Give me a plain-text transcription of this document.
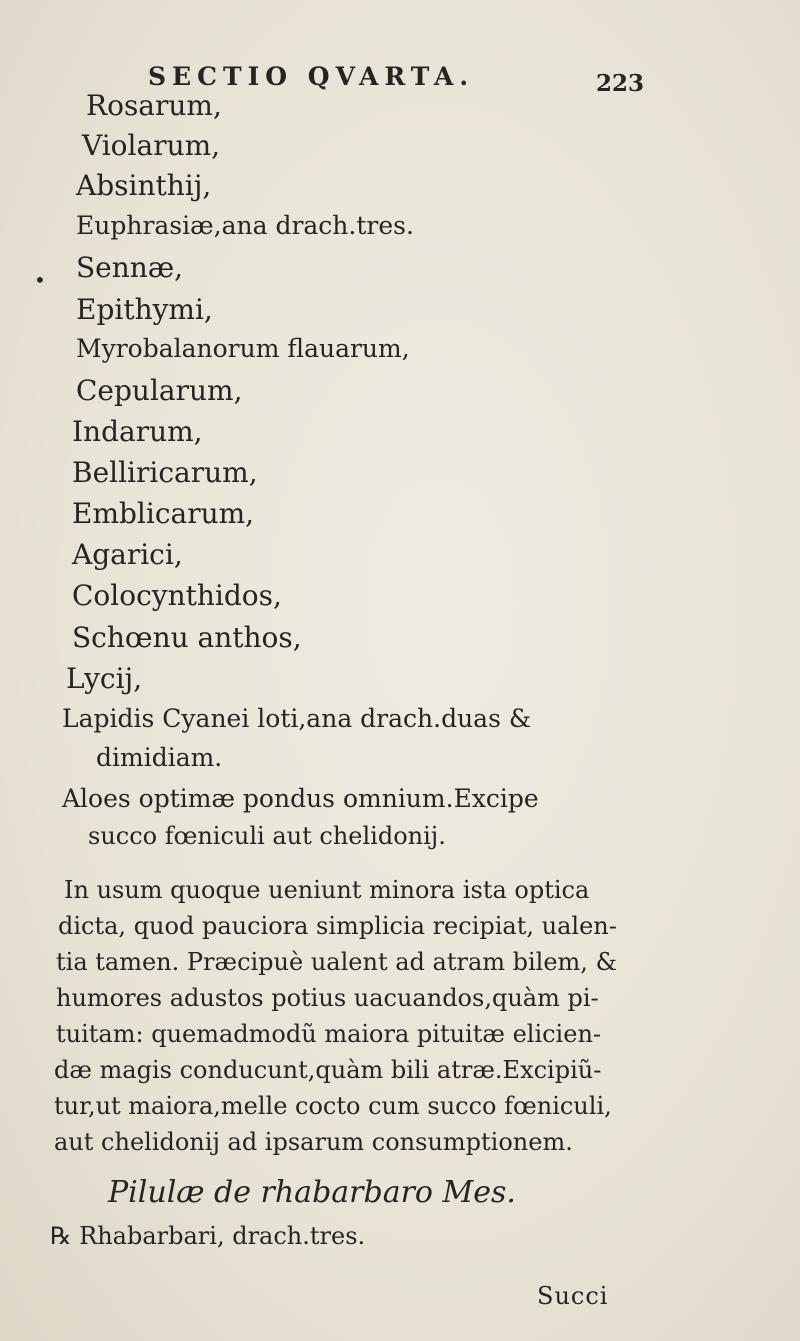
SECTIO QVARTA.	223
•
Rosarum,
Violarum,
Absinthij,
Euphrasiæ,ana drach.tres.
Sennæ,
Epithymi,
Myrobalanorum flauarum,
Cepularum,
Indarum,
Belliricarum,
Emblicarum,
Agarici,
Colocynthidos,
Schœnu anthos,
Lycij,
Lapidis Cyanei loti,ana drach.duas &
dimidiam.
Aloes optimæ pondus omnium.Excipe
succo fœniculi aut chelidonij.
In usum quoque ueniunt minora ista optica
dicta, quod pauciora simplicia recipiat, ualen-
tia tamen. Præcipuè ualent ad atram bilem, &
humores adustos potius uacuandos,quàm pi-
tuitam: quemadmodũ maiora pituitæ elicien-
dæ magis conducunt,quàm bili atræ.Excipiũ-
tur,ut maiora,melle cocto cum succo fœniculi,
aut chelidonij ad ipsarum consumptionem.
Pilulæ de rhabarbaro Mes.
℞ Rhabarbari, drach.tres.
Succi
